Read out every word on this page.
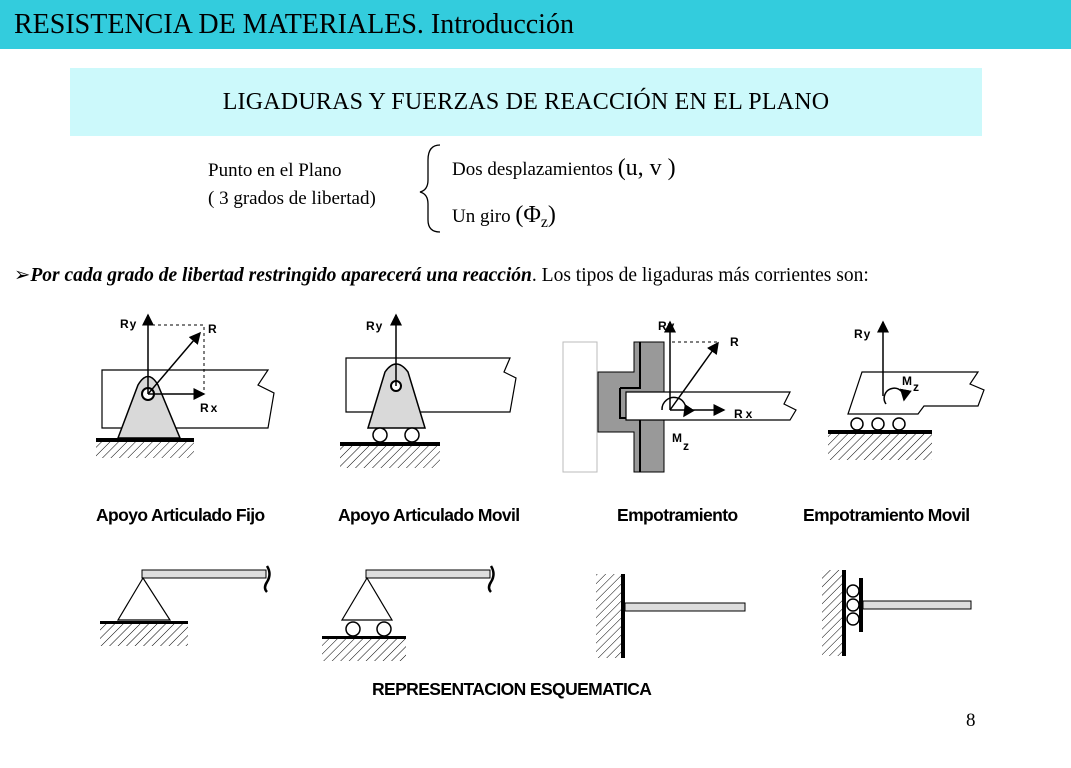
RESISTENCIA DE MATERIALES. Introducción
LIGADURAS Y FUERZAS DE REACCIÓN EN EL PLANO
Punto en el Plano
( 3 grados de libertad)
Dos desplazamientos (u, v )
Un giro $(\Phi_z)$
➢Por cada grado de libertad restringido aparecerá una reacción. Los tipos de ligaduras más corrientes son:
Ry	R
R x
Ry	Ry
R
R x
Mz
Ry
Mz
Apoyo Articulado Fijo	Apoyo Articulado Movil	Empotramiento	Empotramiento Movil
REPRESENTACION ESQUEMATICA
8
